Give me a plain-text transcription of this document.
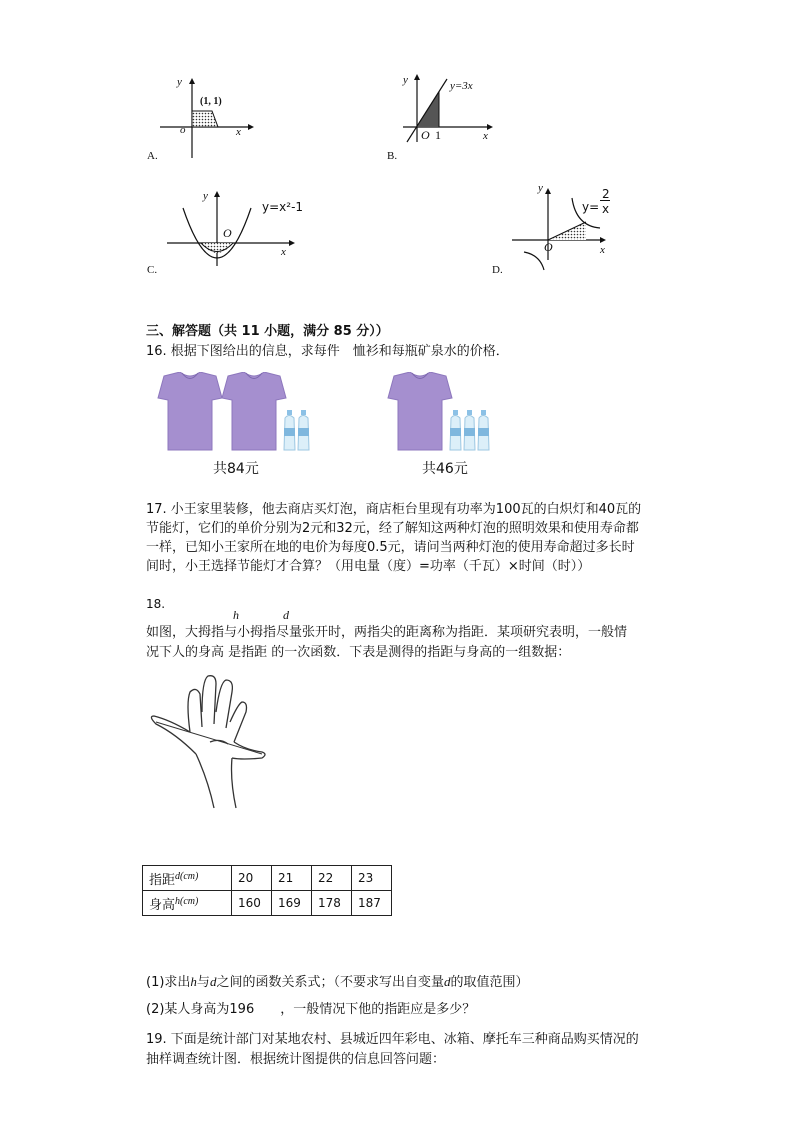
y
x
o
(1, 1)
A.
y
x
O 1
y=3x
B.
y
x
O
y=x²-1
C.
y
x
O
y=
2
x
D.
三、解答题（共 11 小题，满分 85 分））
16. 根据下图给出的信息，求每件　恤衫和每瓶矿泉水的价格．
共84元	共46元
17. 小王家里装修，他去商店买灯泡，商店柜台里现有功率为100瓦的白炽灯和40瓦的
节能灯，它们的单价分别为2元和32元，经了解知这两种灯泡的照明效果和使用寿命都
一样，已知小王家所在地的电价为每度0.5元，请问当两种灯泡的使用寿命超过多长时
间时，小王选择节能灯才合算？（用电量（度）=功率（千瓦）×时间（时））
18.
h	d
如图，大拇指与小拇指尽量张开时，两指尖的距离称为指距．某项研究表明，一般情
况下人的身高 是指距 的一次函数．下表是测得的指距与身高的一组数据：
指距$^{d(cm)}$	20	21	22	23
身高$^{h(cm)}$	160	169	178	187
(1)求出h与d之间的函数关系式；（不要求写出自变量d的取值范围）
(2)某人身高为196　　，一般情况下他的指距应是多少？
19. 下面是统计部门对某地农村、县城近四年彩电、冰箱、摩托车三种商品购买情况的
抽样调查统计图．根据统计图提供的信息回答问题：
